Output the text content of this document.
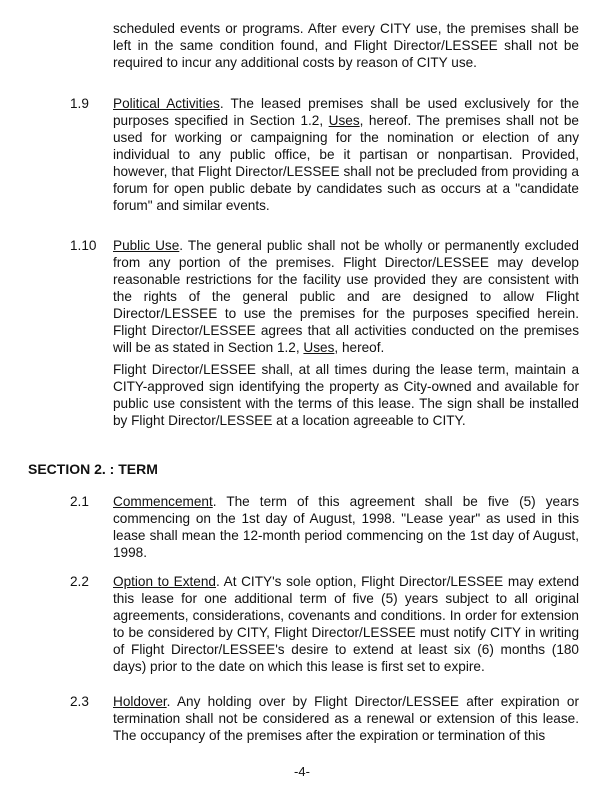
scheduled events or programs. After every CITY use, the premises shall be left in the same condition found, and Flight Director/LESSEE shall not be required to incur any additional costs by reason of CITY use.

1.9 Political Activities. The leased premises shall be used exclusively for the purposes specified in Section 1.2, Uses, hereof. The premises shall not be used for working or campaigning for the nomination or election of any individual to any public office, be it partisan or nonpartisan. Provided, however, that Flight Director/LESSEE shall not be precluded from providing a forum for open public debate by candidates such as occurs at a "candidate forum" and similar events.

1.10 Public Use. The general public shall not be wholly or permanently excluded from any portion of the premises. Flight Director/LESSEE may develop reasonable restrictions for the facility use provided they are consistent with the rights of the general public and are designed to allow Flight Director/LESSEE to use the premises for the purposes specified herein. Flight Director/LESSEE agrees that all activities conducted on the premises will be as stated in Section 1.2, Uses, hereof.

Flight Director/LESSEE shall, at all times during the lease term, maintain a CITY-approved sign identifying the property as City-owned and available for public use consistent with the terms of this lease. The sign shall be installed by Flight Director/LESSEE at a location agreeable to CITY.

SECTION 2. : TERM
2.1 Commencement. The term of this agreement shall be five (5) years commencing on the 1st day of August, 1998. "Lease year" as used in this lease shall mean the 12-month period commencing on the 1st day of August, 1998.

2.2 Option to Extend. At CITY's sole option, Flight Director/LESSEE may extend this lease for one additional term of five (5) years subject to all original agreements, considerations, covenants and conditions. In order for extension to be considered by CITY, Flight Director/LESSEE must notify CITY in writing of Flight Director/LESSEE's desire to extend at least six (6) months (180 days) prior to the date on which this lease is first set to expire.

2.3 Holdover. Any holding over by Flight Director/LESSEE after expiration or termination shall not be considered as a renewal or extension of this lease. The occupancy of the premises after the expiration or termination of this

-4-
